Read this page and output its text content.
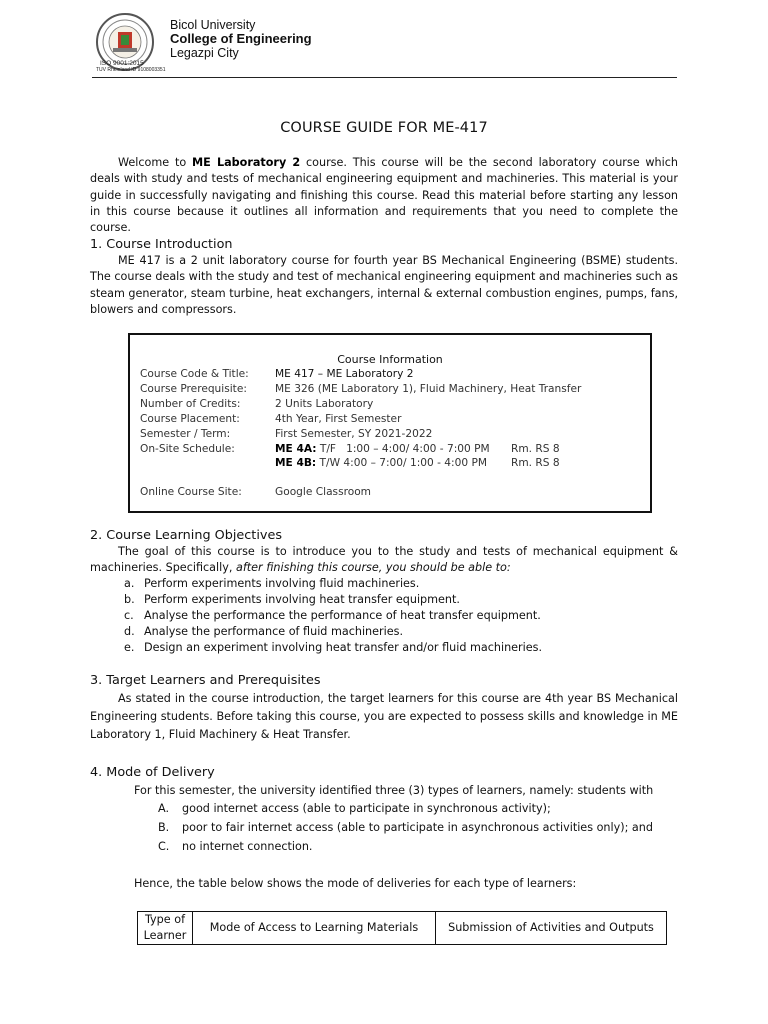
ISO 9001:2015
TUV Rheinland ID 9108003351
Bicol University
College of Engineering
Legazpi City
COURSE GUIDE FOR ME-417
Welcome to ME Laboratory 2 course. This course will be the second laboratory course which deals with study and tests of mechanical engineering equipment and machineries. This material is your guide in successfully navigating and finishing this course. Read this material before starting any lesson in this course because it outlines all information and requirements that you need to complete the course.
1. Course Introduction
ME 417 is a 2 unit laboratory course for fourth year BS Mechanical Engineering (BSME) students. The course deals with the study and test of mechanical engineering equipment and machineries such as steam generator, steam turbine, heat exchangers, internal & external combustion engines, pumps, fans, blowers and compressors.
Course Information
Course Code & Title: ME 417 – ME Laboratory 2
Course Prerequisite:	ME 326 (ME Laboratory 1), Fluid Machinery, Heat Transfer
Number of Credits:	2 Units Laboratory
Course Placement:	4th Year, First Semester
Semester / Term:	First Semester, SY 2021-2022
On-Site Schedule:	ME 4A: T/F   1:00 – 4:00/ 4:00 - 7:00 PM Rm. RS 8
ME 4B: T/W 4:00 – 7:00/ 1:00 - 4:00 PM Rm. RS 8
Online Course Site:	Google Classroom
2. Course Learning Objectives
The goal of this course is to introduce you to the study and tests of mechanical equipment & machineries. Specifically, after finishing this course, you should be able to:
a. Perform experiments involving fluid machineries.
b. Perform experiments involving heat transfer equipment.
c. Analyse the performance the performance of heat transfer equipment.
d. Analyse the performance of fluid machineries.
e. Design an experiment involving heat transfer and/or fluid machineries.
3. Target Learners and Prerequisites
As stated in the course introduction, the target learners for this course are 4th year BS Mechanical Engineering students. Before taking this course, you are expected to possess skills and knowledge in ME Laboratory 1, Fluid Machinery & Heat Transfer.
4. Mode of Delivery
For this semester, the university identified three (3) types of learners, namely: students with
A. good internet access (able to participate in synchronous activity);
B. poor to fair internet access (able to participate in asynchronous activities only); and
C. no internet connection.
Hence, the table below shows the mode of deliveries for each type of learners:
Type of Learner	Mode of Access to Learning Materials	Submission of Activities and Outputs
